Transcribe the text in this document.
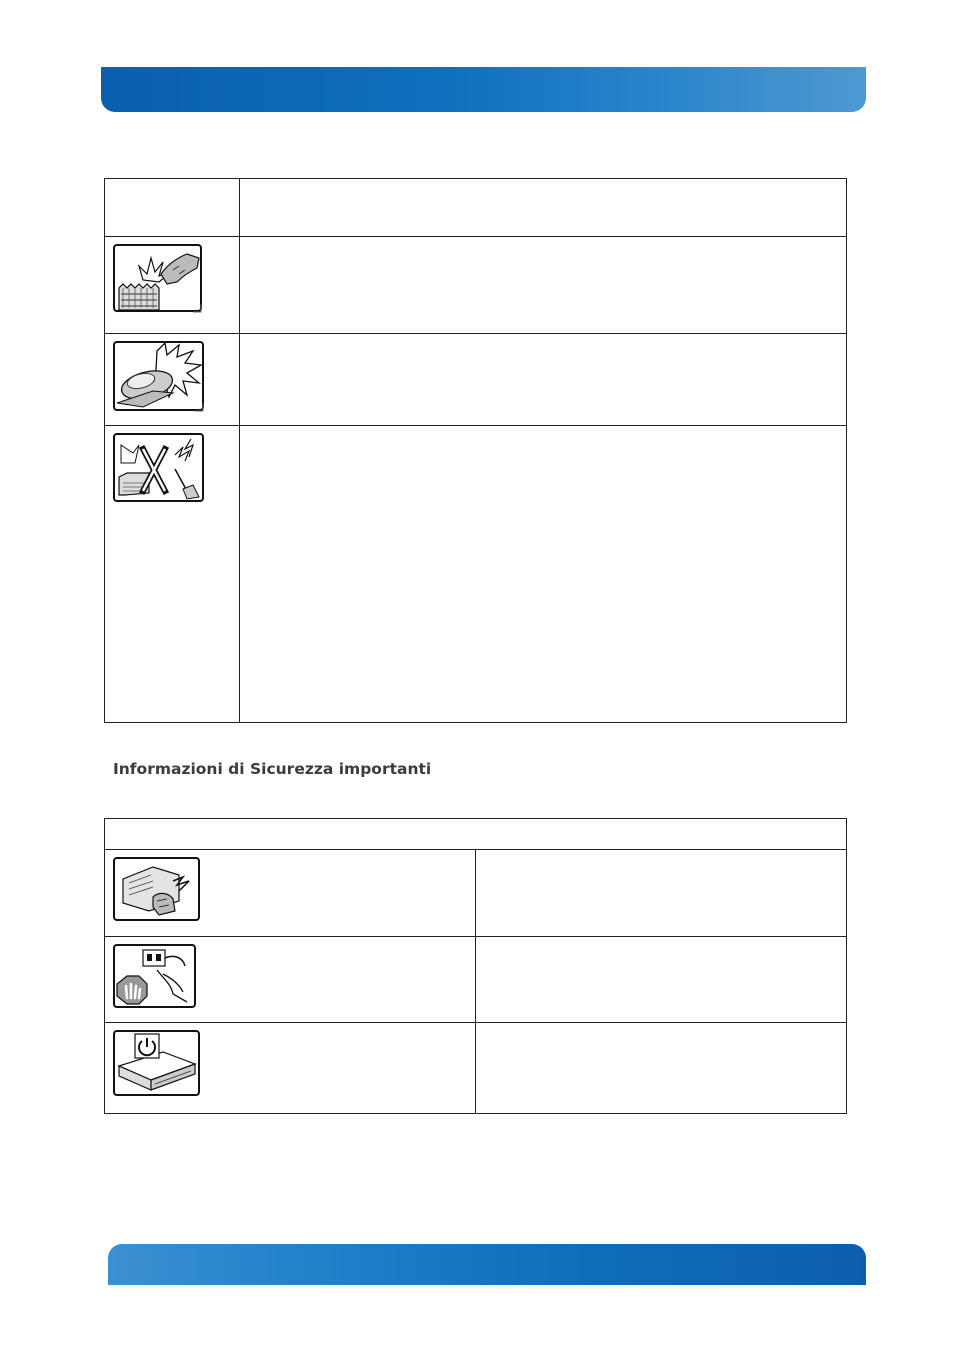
Informazioni di Sicurezza importanti
